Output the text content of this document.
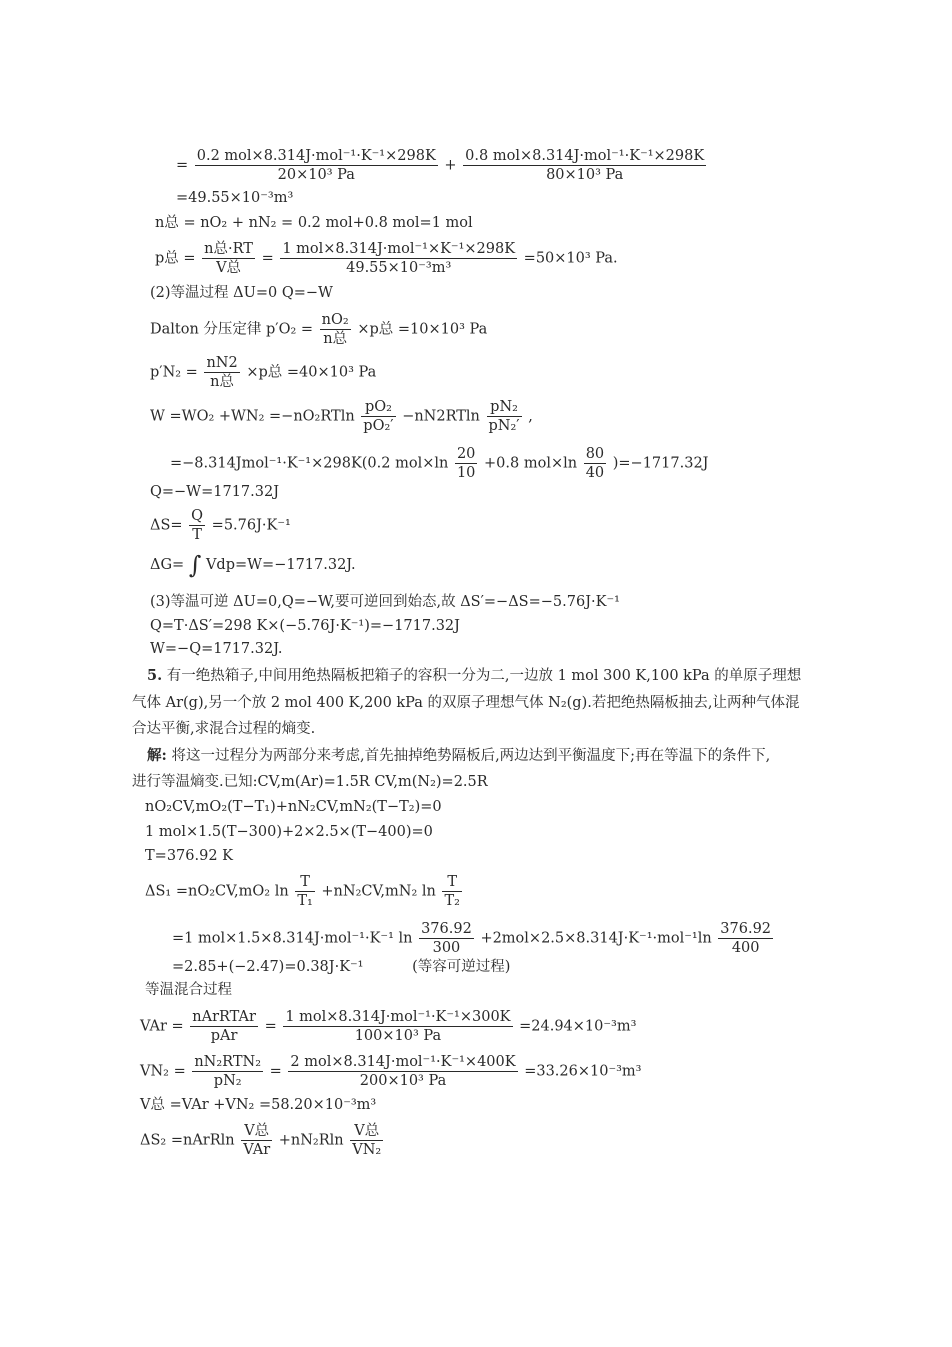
= $\frac{\text{0.2 mol×8.314J·mol⁻¹·K⁻¹×298K}}{\text{20×10³ Pa}} + \frac{\text{0.8 mol×8.314J·mol⁻¹·K⁻¹×298K}}{\text{80×10³ Pa}}$
=49.55×10⁻³m³
n总 = nO₂ + nN₂ = 0.2 mol+0.8 mol=1 mol
p总 = $\frac{\text{n总·RT}}{\text{V总}} = \frac{\text{1 mol×8.314J·mol⁻¹×K⁻¹×298K}}{\text{49.55×10⁻³m³}} =50\times 10^3$ Pa.
(2)等温过程 ΔU=0 Q=−W
Dalton 分压定律 $p'O_2 = \frac{\text{nO₂}}{\text{n总}} \times p$总 =10×10³ Pa
$p'N_2 = \frac{nN2}{\text{n总}} \times p$总 =40×10³ Pa
$W =WO_2 +WN_2 =-nO_2RTln \frac{\text{pO₂}}{\text{pO₂′}} -nN2RTln \frac{\text{pN₂}}{\text{pN₂′}}$ ,
=−8.314Jmol⁻¹·K⁻¹×298K(0.2 $mol\times\ln \frac{20}{10} +0.8$ $mol\times\ln \frac{80}{40} )=-1717.32J$
Q=−W=1717.32J
$\Delta S= \frac{Q}{T} =5.76J\cdot K^{-1}$
ΔG= ∫ Vdp=W=−1717.32J.
(3)等温可逆 ΔU=0,Q=−W,要可逆回到始态,故 ΔS′=−ΔS=−5.76J·K⁻¹
Q=T·ΔS′=298 K×(−5.76J·K⁻¹)=−1717.32J
W=−Q=1717.32J.
5. 有一绝热箱子,中间用绝热隔板把箱子的容积一分为二,一边放 1 mol 300 K,100 kPa 的单原子理想
气体 Ar(g),另一个放 2 mol 400 K,200 kPa 的双原子理想气体 N₂(g).若把绝热隔板抽去,让两种气体混
合达平衡,求混合过程的熵变.
解: 将这一过程分为两部分来考虑,首先抽掉绝势隔板后,两边达到平衡温度下;再在等温下的条件下,
进行等温熵变.已知:CV,m(Ar)=1.5R CV,m(N₂)=2.5R
nO₂CV,mO₂(T−T₁)+nN₂CV,mN₂(T−T₂)=0
1 mol×1.5(T−300)+2×2.5×(T−400)=0
T=376.92 K
ΔS₁ =nO₂CV,mO₂ $\ln \frac{T}{\text{T₁}} +nN_2CV,mN_2$ $\ln \frac{T}{\text{T₂}}$
=1 mol×1.5×8.314J·mol⁻¹·K⁻¹ $\ln \frac{376.92}{300} +2mol\times 2.5\times 8.314J\cdot K^{-1}\cdot mol^{-1}\ln \frac{376.92}{400}$
=2.85+(−2.47)=0.38J·K⁻¹	(等容可逆过程)
等温混合过程
VAr = $\frac{\text{nArRTAr}}{\text{pAr}} = \frac{\text{1 mol×8.314J·mol⁻¹·K⁻¹×300K}}{\text{100×10³ Pa}} =24.94\times 10^{-3}m^3$
$VN_2 = \frac{\text{nN₂RTN₂}}{\text{pN₂}} = \frac{\text{2 mol×8.314J·mol⁻¹·K⁻¹×400K}}{\text{200×10³ Pa}} =33.26\times 10^{-3}m^3$
V总 =VAr +VN₂ =58.20×10⁻³m³
ΔS₂ =nArRln $\frac{\text{V总}}{\text{VAr}} +nN_2Rln \frac{\text{V总}}{\text{VN₂}}$
